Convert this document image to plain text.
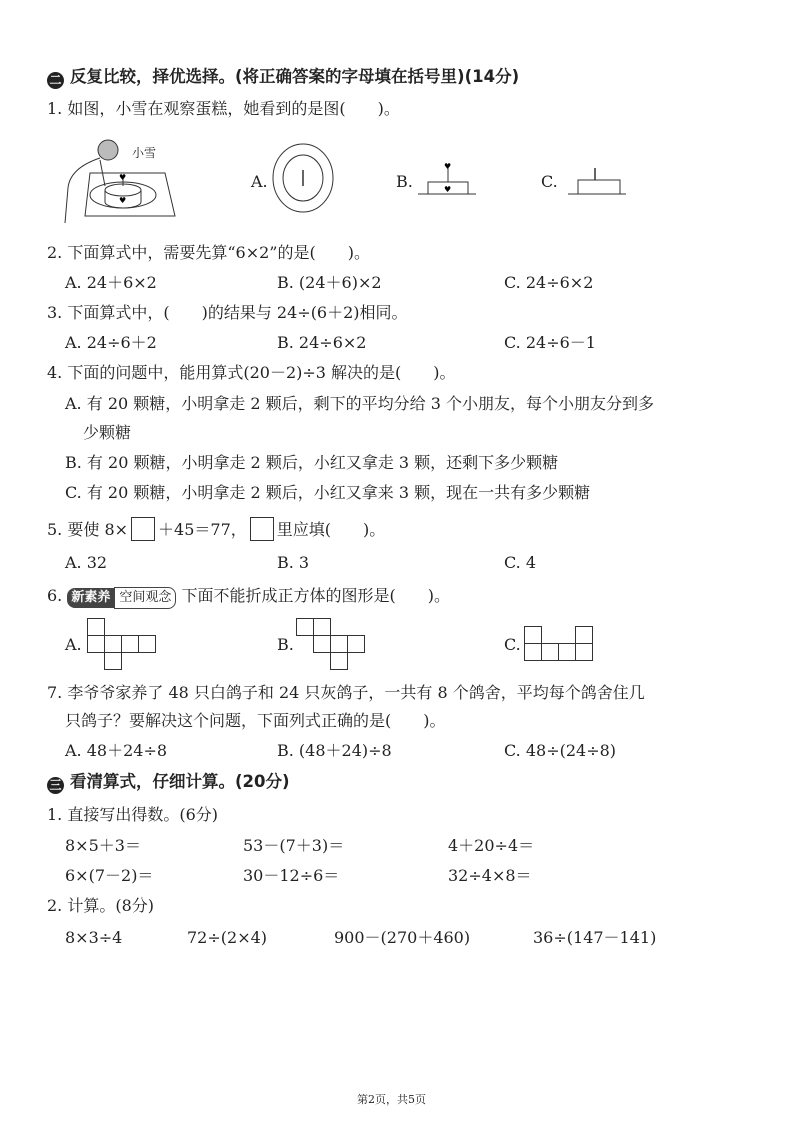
二 反复比较，择优选择。(将正确答案的字母填在括号里)(14分)
1. 如图，小雪在观察蛋糕，她看到的是图(　　)。
♥
♥
小雪
A.	B.
♥
♥	C.
2. 下面算式中，需要先算“6×2”的是(　　)。
A. 24＋6×2	B. (24＋6)×2	C. 24÷6×2
3. 下面算式中，(　　)的结果与 24÷(6＋2)相同。
A. 24÷6＋2	B. 24÷6×2	C. 24÷6－1
4. 下面的问题中，能用算式(20－2)÷3 解决的是(　　)。
A. 有 20 颗糖，小明拿走 2 颗后，剩下的平均分给 3 个小朋友，每个小朋友分到多
少颗糖
B. 有 20 颗糖，小明拿走 2 颗后，小红又拿走 3 颗，还剩下多少颗糖
C. 有 20 颗糖，小明拿走 2 颗后，小红又拿来 3 颗，现在一共有多少颗糖
5. 要使 8× ＋45＝77， 里应填(　　)。
A. 32	B. 3	C. 4
6. 新素养 空间观念 下面不能折成正方体的图形是(　　)。
A.	B.	C.
7. 李爷爷家养了 48 只白鸽子和 24 只灰鸽子，一共有 8 个鸽舍，平均每个鸽舍住几
只鸽子？要解决这个问题，下面列式正确的是(　　)。
A. 48＋24÷8	B. (48＋24)÷8	C. 48÷(24÷8)
三 看清算式，仔细计算。(20分)
1. 直接写出得数。(6分)
8×5＋3＝	53－(7＋3)＝	4＋20÷4＝
6×(7－2)＝	30－12÷6＝	32÷4×8＝
2. 计算。(8分)
8×3÷4	72÷(2×4)	900－(270＋460)	36÷(147－141)
第2页，共5页
